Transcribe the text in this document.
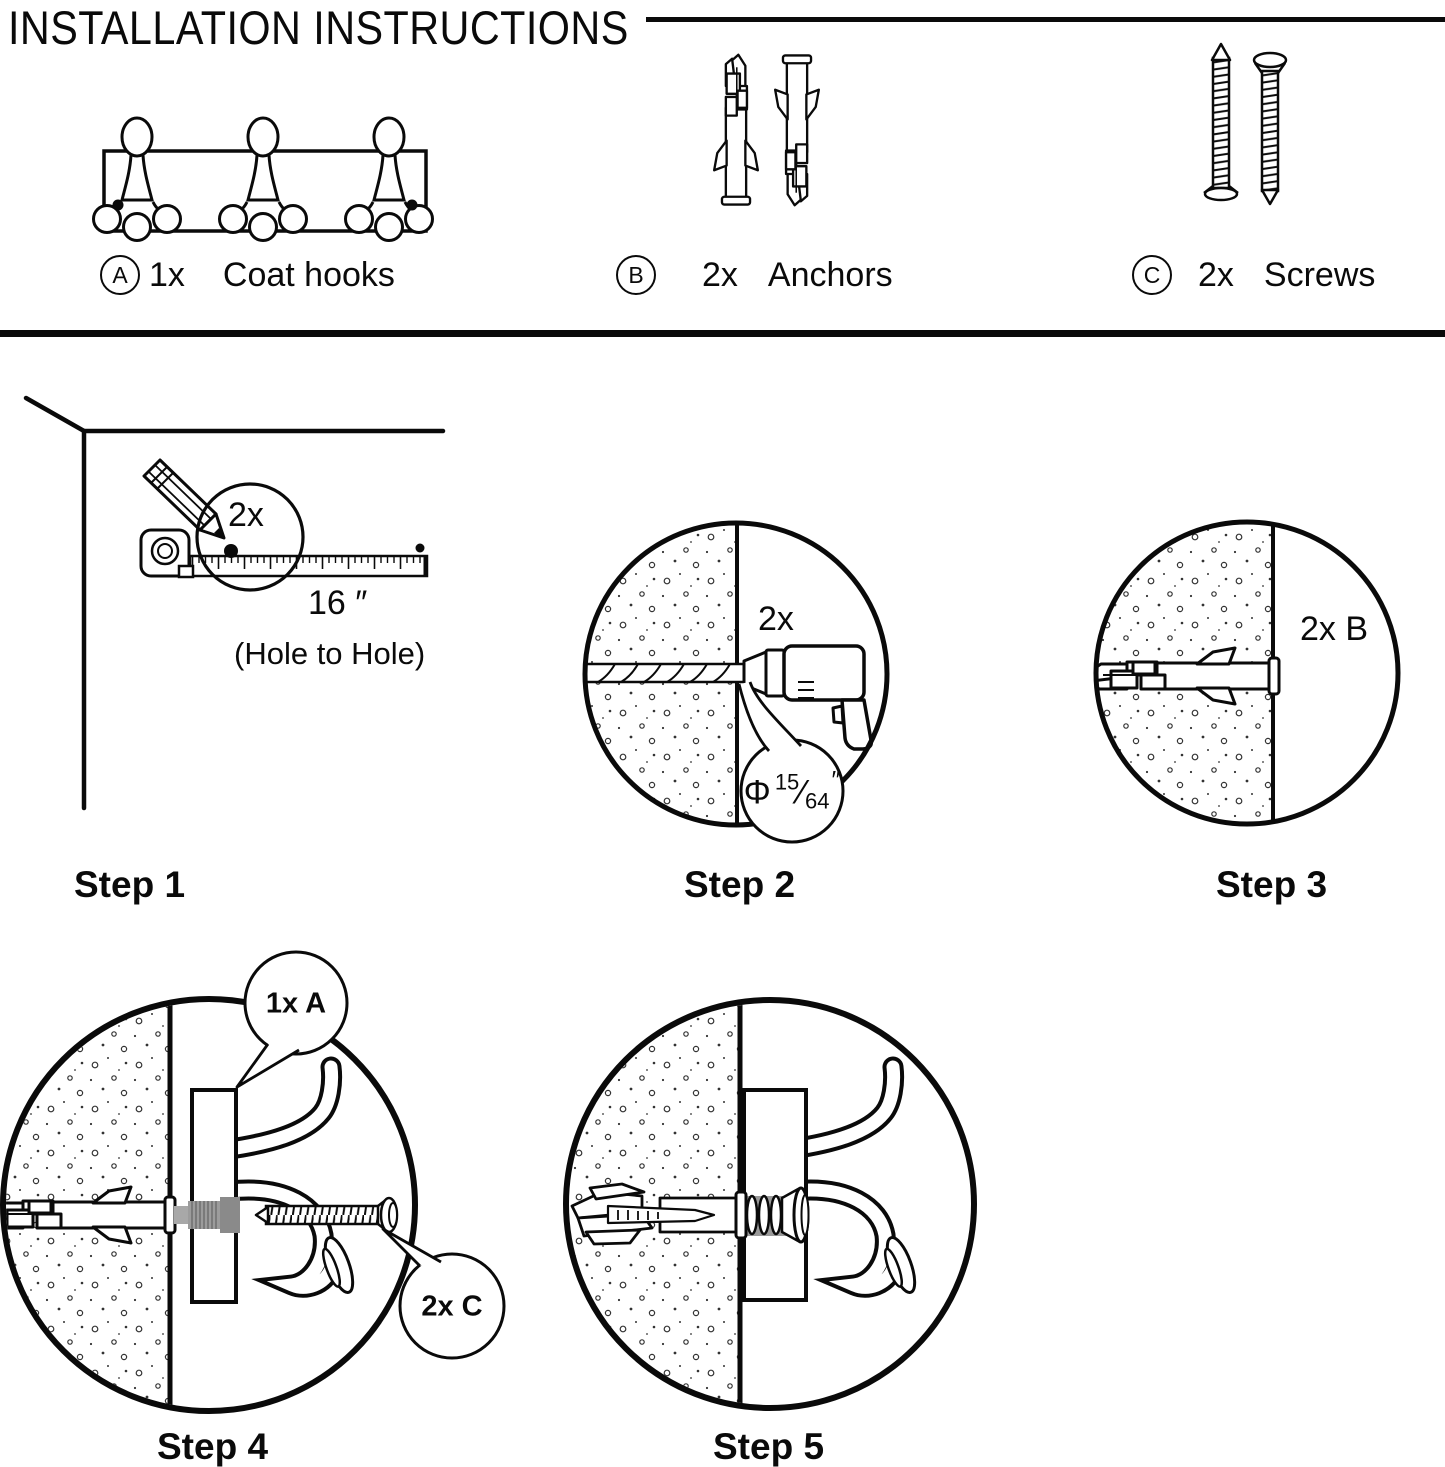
INSTALLATION INSTRUCTIONS
A 1x Coat hooks	B	2x Anchors	C	2x Screws
2x
16 ″
(Hole to Hole)
Step 1
2x
Φ 15 ⁄ 64
″
Step 2
2x B
Step 3
1x A
2x C
Step 4	Step 5
